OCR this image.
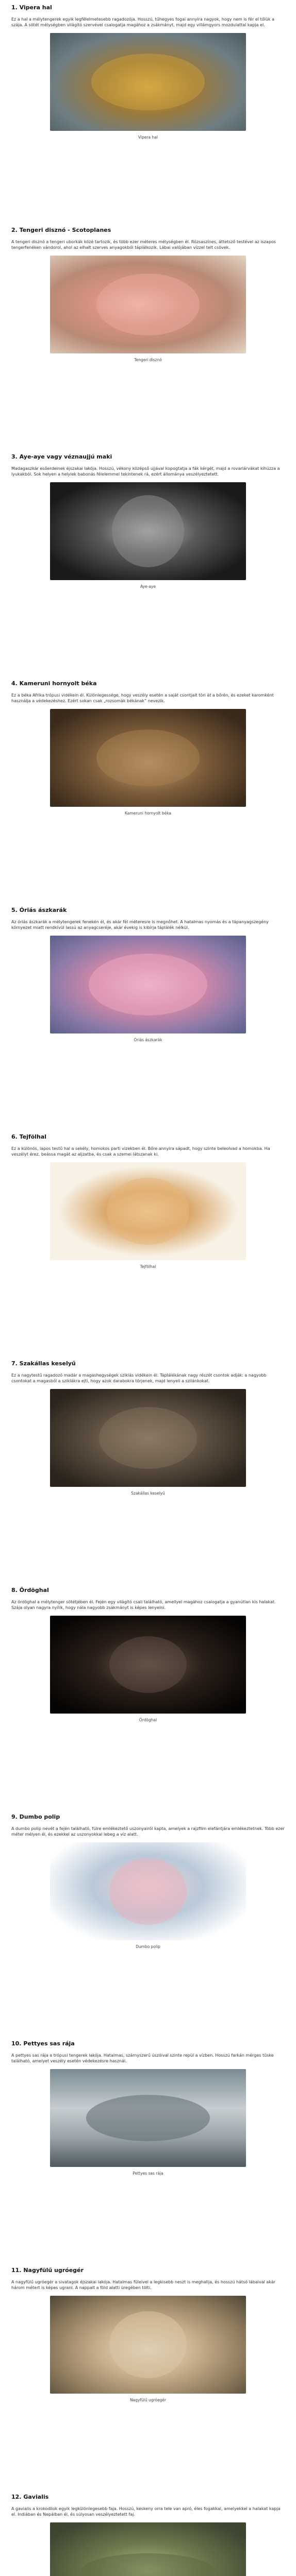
1. Vipera hal

Ez a hal a mélytengerek egyik legfélelmetesebb ragadozója. Hosszú, tűhegyes fogai annyira nagyok, hogy nem is fér el tőlük a szája. A sötét mélységben világító szervével csalogatja magához a zsákmányt, majd egy villámgyors mozdulattal kapja el.

Vipera hal
2. Tengeri disznó - Scotoplanes

A tengeri disznó a tengeri uborkák közé tartozik, és több ezer méteres mélységben él. Rózsaszínes, áttetsző testével az iszapos tengerfenéken vándorol, ahol az elhalt szerves anyagokból táplálkozik. Lábai valójában vízzel telt csövek.

Tengeri disznó
3. Aye-aye vagy véznaujjú maki

Madagaszkár esőerdeinek éjszakai lakója. Hosszú, vékony középső ujjával kopogtatja a fák kérgét, majd a rovarlárvákat kihúzza a lyukakból. Sok helyen a helyiek babonás félelemmel tekintenek rá, ezért állománya veszélyeztetett.

Aye-aye
4. Kameruni hornyolt béka

Ez a béka Afrika trópusi vidékein él. Különlegessége, hogy veszély esetén a saját csontjait töri át a bőrén, és ezeket karomként használja a védekezéshez. Ezért sokan csak „rozsomák békának” nevezik.

Kameruni hornyolt béka
5. Óriás ászkarák

Az óriás ászkarák a mélytengerek fenekén él, és akár fél méteresre is megnőhet. A hatalmas nyomás és a tápanyagszegény környezet miatt rendkívül lassú az anyagcseréje, akár évekig is kibírja táplálék nélkül.

Óriás ászkarák
6. Tejfölhal

Ez a különös, lapos testű hal a sekély, homokos parti vizekben él. Bőre annyira sápadt, hogy szinte beleolvad a homokba. Ha veszélyt érez, beássa magát az aljzatba, és csak a szemei látszanak ki.

Tejfölhal
7. Szakállas keselyű

Ez a nagytestű ragadozó madár a magashegységek sziklás vidékein él. Táplálékának nagy részét csontok adják: a nagyobb csontokat a magasból a sziklákra ejti, hogy azok darabokra törjenek, majd lenyeli a szilánkokat.

Szakállas keselyű
8. Ördöghal

Az ördöghal a mélytenger sötétjében él. Fején egy világító csali található, amellyel magához csalogatja a gyanútlan kis halakat. Szája olyan nagyra nyílik, hogy nála nagyobb zsákmányt is képes lenyelni.

Ördöghal
9. Dumbo polip

A dumbo polip nevét a fején található, fülre emlékeztető uszonyairól kapta, amelyek a rajzfilm elefántjára emlékeztetnek. Több ezer méter mélyen él, és ezekkel az uszonyokkal lebeg a víz alatt.

Dumbo polip
10. Pettyes sas rája

A pettyes sas rája a trópusi tengerek lakója. Hatalmas, szárnyszerű úszóival szinte repül a vízben. Hosszú farkán mérges tüske található, amelyet veszély esetén védekezésre használ.

Pettyes sas rája
11. Nagyfülű ugróegér

A nagyfülű ugróegér a sivatagok éjszakai lakója. Hatalmas füleivel a legkisebb neszt is meghallja, és hosszú hátsó lábaival akár három métert is képes ugrani. A nappalt a föld alatti üregében tölti.

Nagyfülű ugróegér
12. Gavialis

A gavialis a krokodilok egyik legkülönlegesebb faja. Hosszú, keskeny orra tele van apró, éles fogakkal, amelyekkel a halakat kapja el. Indiában és Nepálban él, és súlyosan veszélyeztetett faj.
